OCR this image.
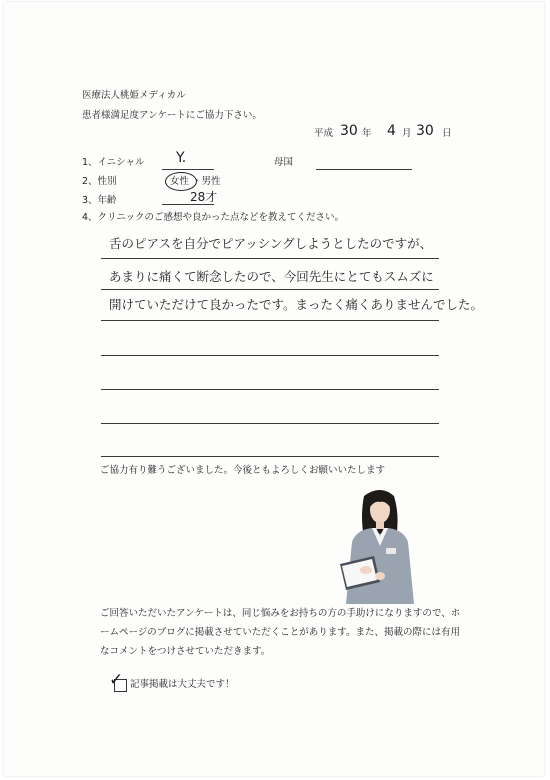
医療法人桃姫メディカル
患者様満足度アンケートにご協力下さい。
平成 30 年 4 月 30 日
1、イニシャル Y.	母国
2、性別	女性 ・男性
3、年齢	28才
4、クリニックのご感想や良かった点などを教えてください。
舌のピアスを自分でピアッシングしようとしたのですが、
あまりに痛くて断念したので、今回先生にとてもスムズに
開けていただけて良かったです。まったく痛くありませんでした。
ご協力有り難うございました。今後ともよろしくお願いいたします
ご回答いただいたアンケートは、同じ悩みをお持ちの方の手助けになりますので、ホ
ームページのブログに掲載させていただくことがあります。また、掲載の際には有用
なコメントをつけさせていただきます。
✓ 記事掲載は大丈夫です！
